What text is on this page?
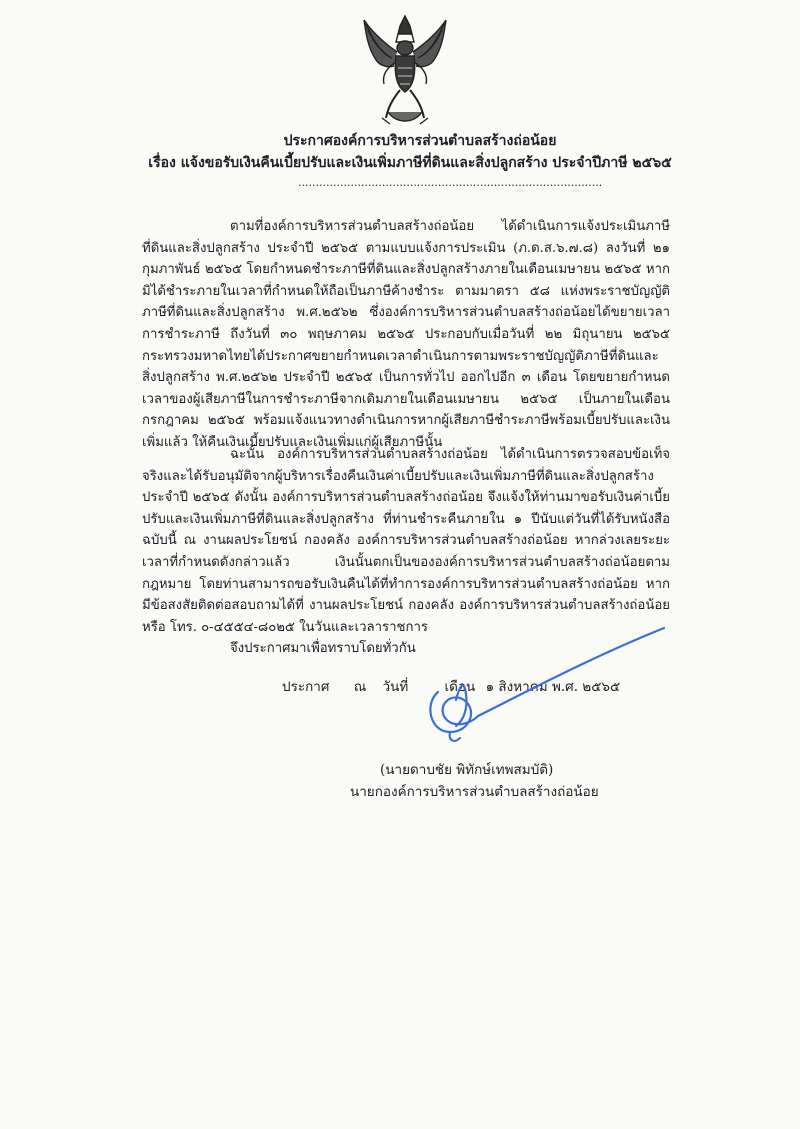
ประกาศองค์การบริหารส่วนตำบลสร้างถ่อน้อย
เรื่อง แจ้งขอรับเงินคืนเบี้ยปรับและเงินเพิ่มภาษีที่ดินและสิ่งปลูกสร้าง ประจำปีภาษี ๒๕๖๕
.......................................................................................
ตามที่องค์การบริหารส่วนตำบลสร้างถ่อน้อย ได้ดำเนินการแจ้งประเมินภาษีที่ดินและสิ่งปลูกสร้าง ประจำปี ๒๕๖๕ ตามแบบแจ้งการประเมิน (ภ.ด.ส.๖.๗.๘) ลงวันที่ ๒๑ กุมภาพันธ์ ๒๕๖๕ โดยกำหนดชำระภาษีที่ดินและสิ่งปลูกสร้างภายในเดือนเมษายน ๒๕๖๕ หากมิได้ชำระภายในเวลาที่กำหนดให้ถือเป็นภาษีค้างชำระ ตามมาตรา ๕๘ แห่งพระราชบัญญัติภาษีที่ดินและสิ่งปลูกสร้าง พ.ศ.๒๕๖๒ ซึ่งองค์การบริหารส่วนตำบลสร้างถ่อน้อยได้ขยายเวลาการชำระภาษี ถึงวันที่ ๓๐ พฤษภาคม ๒๕๖๕ ประกอบกับเมื่อวันที่ ๒๒ มิถุนายน ๒๕๖๕ กระทรวงมหาดไทยได้ประกาศขยายกำหนดเวลาดำเนินการตามพระราชบัญญัติภาษีที่ดินและสิ่งปลูกสร้าง พ.ศ.๒๕๖๒ ประจำปี ๒๕๖๕ เป็นการทั่วไป ออกไปอีก ๓ เดือน โดยขยายกำหนดเวลาของผู้เสียภาษีในการชำระภาษีจากเดิมภายในเดือนเมษายน ๒๕๖๕ เป็นภายในเดือนกรกฎาคม ๒๕๖๕ พร้อมแจ้งแนวทางดำเนินการหากผู้เสียภาษีชำระภาษีพร้อมเบี้ยปรับและเงินเพิ่มแล้ว ให้คืนเงินเบี้ยปรับและเงินเพิ่มแก่ผู้เสียภาษีนั้น
ฉะนั้น องค์การบริหารส่วนตำบลสร้างถ่อน้อย ได้ดำเนินการตรวจสอบข้อเท็จจริงและได้รับอนุมัติจากผู้บริหารเรื่องคืนเงินค่าเบี้ยปรับและเงินเพิ่มภาษีที่ดินและสิ่งปลูกสร้าง ประจำปี ๒๕๖๕ ดังนั้น องค์การบริหารส่วนตำบลสร้างถ่อน้อย จึงแจ้งให้ท่านมาขอรับเงินค่าเบี้ยปรับและเงินเพิ่มภาษีที่ดินและสิ่งปลูกสร้าง ที่ท่านชำระคืนภายใน ๑ ปีนับแต่วันที่ได้รับหนังสือฉบับนี้ ณ งานผลประโยชน์ กองคลัง องค์การบริหารส่วนตำบลสร้างถ่อน้อย หากล่วงเลยระยะเวลาที่กำหนดดังกล่าวแล้ว เงินนั้นตกเป็นขององค์การบริหารส่วนตำบลสร้างถ่อน้อยตามกฎหมาย โดยท่านสามารถขอรับเงินคืนได้ที่ทำการองค์การบริหารส่วนตำบลสร้างถ่อน้อย หากมีข้อสงสัยติดต่อสอบถามได้ที่ งานผลประโยชน์ กองคลัง องค์การบริหารส่วนตำบลสร้างถ่อน้อย หรือ โทร. ๐-๔๕๕๔-๘๐๒๕ ในวันและเวลาราชการ
จึงประกาศมาเพื่อทราบโดยทั่วกัน
ประกาศ ณ วันที่	เดือน ๑ สิงหาคม พ.ศ. ๒๕๖๕
(นายดาบชัย พิทักษ์เทพสมบัติ)
นายกองค์การบริหารส่วนตำบลสร้างถ่อน้อย
